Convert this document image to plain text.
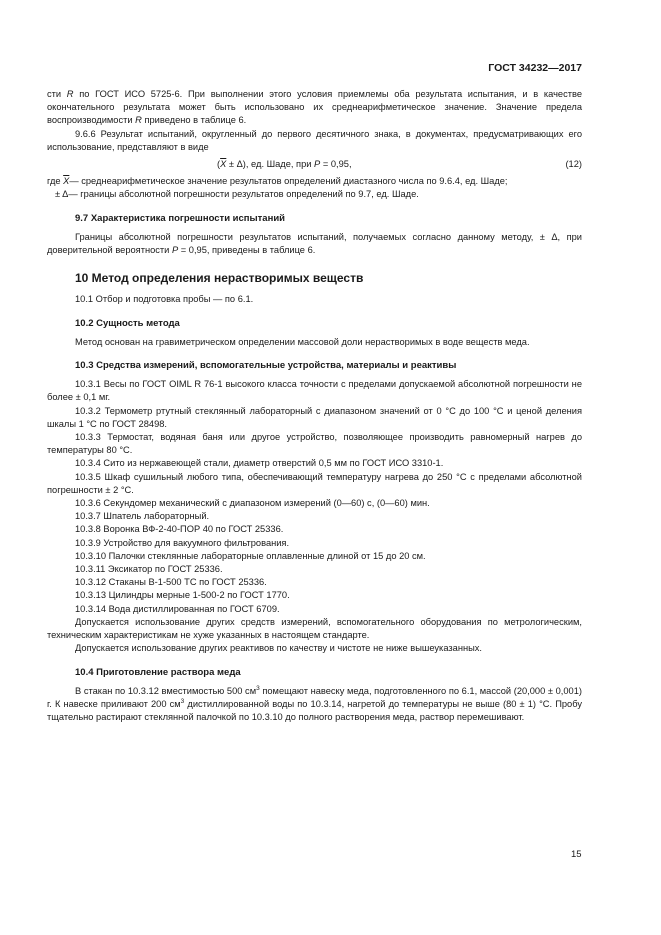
ГОСТ 34232—2017

сти R по ГОСТ ИСО 5725-6. При выполнении этого условия приемлемы оба результата испытания, и в качестве окончательного результата может быть использовано их среднеарифметическое значение. Значение предела воспроизводимости R приведено в таблице 6.

9.6.6 Результат испытаний, округленный до первого десятичного знака, в документах, предусматривающих его использование, представляют в виде

$(\overline{X} \pm \Delta)$, ед. Шаде, при P = 0,95,	(12)
где $\overline{X}$ — среднеарифметическое значение результатов определений диастазного числа по 9.6.4, ед. Шаде;
± Δ — границы абсолютной погрешности результатов определений по 9.7, ед. Шаде.
9.7 Характеристика погрешности испытаний

Границы абсолютной погрешности результатов испытаний, получаемых согласно данному методу, ± Δ, при доверительной вероятности P = 0,95, приведены в таблице 6.

10 Метод определения нерастворимых веществ

10.1 Отбор и подготовка пробы — по 6.1.

10.2 Сущность метода

Метод основан на гравиметрическом определении массовой доли нерастворимых в воде веществ меда.

10.3 Средства измерений, вспомогательные устройства, материалы и реактивы

10.3.1 Весы по ГОСТ OIML R 76-1 высокого класса точности с пределами допускаемой абсолютной погрешности не более ± 0,1 мг.

10.3.2 Термометр ртутный стеклянный лабораторный с диапазоном значений от 0 °С до 100 °С и ценой деления шкалы 1 °С по ГОСТ 28498.

10.3.3 Термостат, водяная баня или другое устройство, позволяющее производить равномерный нагрев до температуры 80 °С.

10.3.4 Сито из нержавеющей стали, диаметр отверстий 0,5 мм по ГОСТ ИСО 3310-1.

10.3.5 Шкаф сушильный любого типа, обеспечивающий температуру нагрева до 250 °С с пределами абсолютной погрешности ± 2 °С.

10.3.6 Секундомер механический с диапазоном измерений (0—60) с, (0—60) мин.

10.3.7 Шпатель лабораторный.

10.3.8 Воронка ВФ-2-40-ПОР 40 по ГОСТ 25336.

10.3.9 Устройство для вакуумного фильтрования.

10.3.10 Палочки стеклянные лабораторные оплавленные длиной от 15 до 20 см.

10.3.11 Эксикатор по ГОСТ 25336.

10.3.12 Стаканы В-1-500 ТС по ГОСТ 25336.

10.3.13 Цилиндры мерные 1-500-2 по ГОСТ 1770.

10.3.14 Вода дистиллированная по ГОСТ 6709.

Допускается использование других средств измерений, вспомогательного оборудования по метрологическим, техническим характеристикам не хуже указанных в настоящем стандарте.

Допускается использование других реактивов по качеству и чистоте не ниже вышеуказанных.

10.4 Приготовление раствора меда

В стакан по 10.3.12 вместимостью 500 $см^3$ помещают навеску меда, подготовленного по 6.1, массой (20,000 ± 0,001) г. К навеске приливают 200 $см^3$ дистиллированной воды по 10.3.14, нагретой до температуры не выше (80 ± 1) °С. Пробу тщательно растирают стеклянной палочкой по 10.3.10 до полного растворения меда, раствор перемешивают.

15
